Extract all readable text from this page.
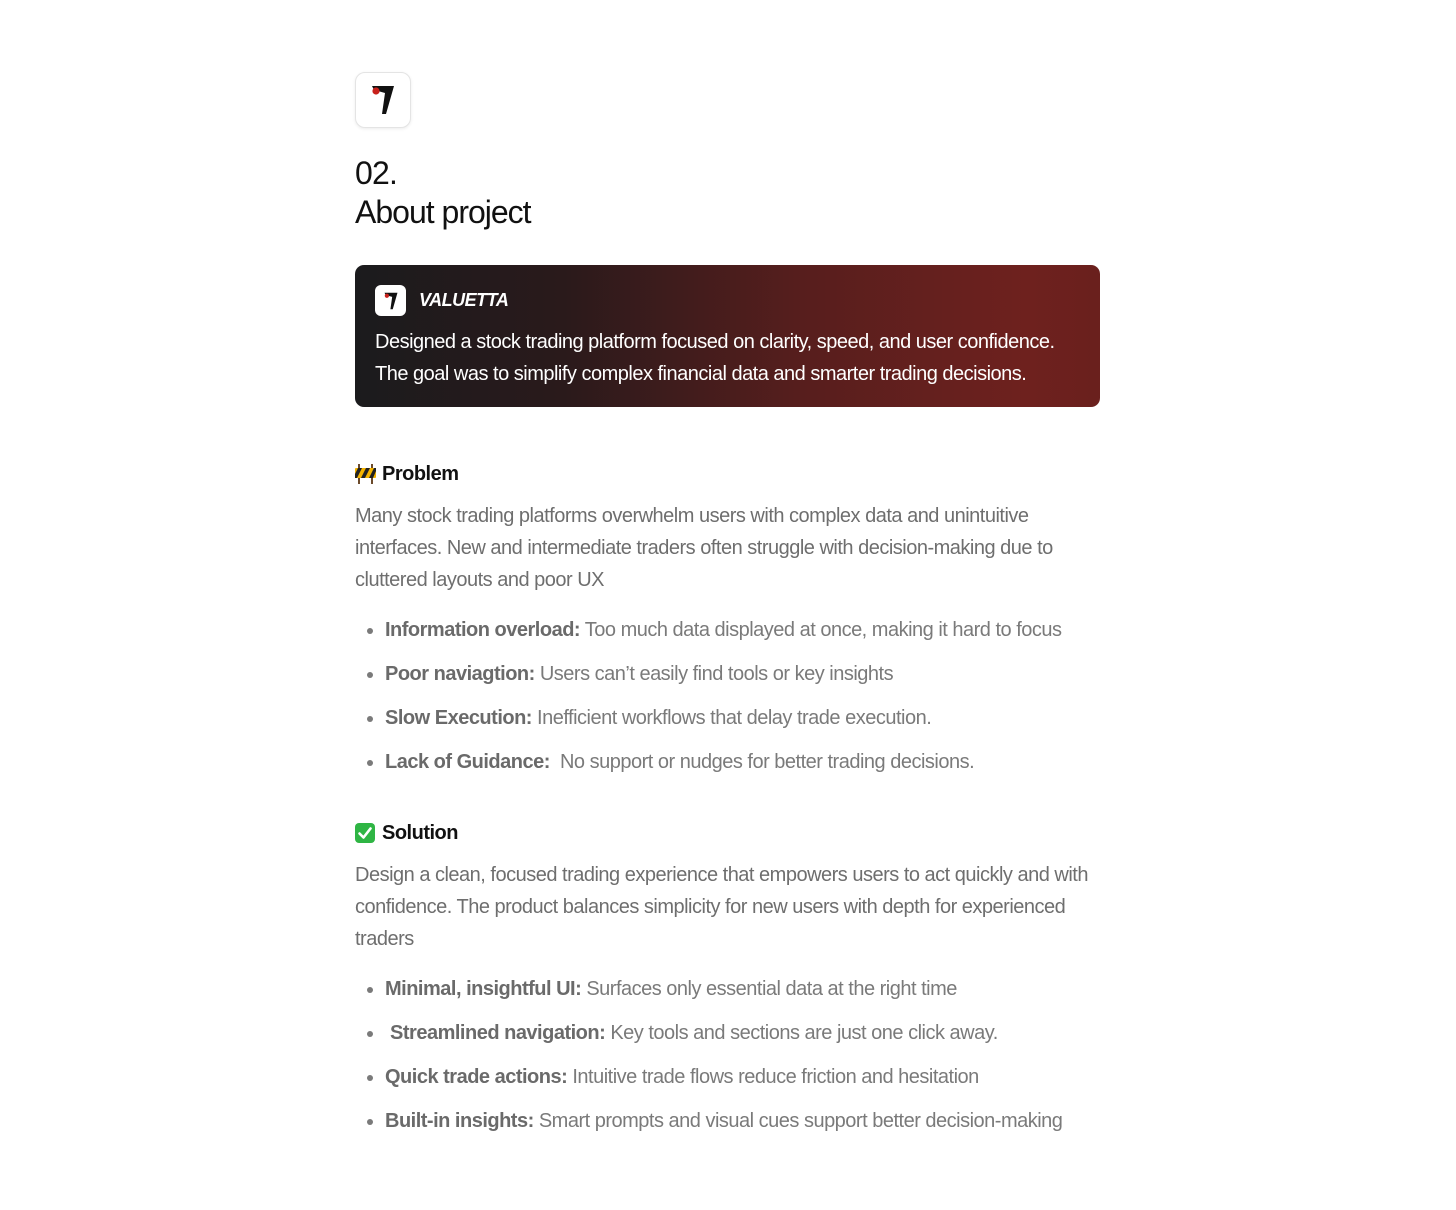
02.
About project
VALUETTA
Designed a stock trading platform focused on clarity, speed, and user confidence.
The goal was to simplify complex financial data and smarter trading decisions.
Problem
Many stock trading platforms overwhelm users with complex data and unintuitive interfaces. New and intermediate traders often struggle with decision-making due to cluttered layouts and poor UX
Information overload: Too much data displayed at once, making it hard to focus
Poor naviagtion: Users can’t easily find tools or key insights
Slow Execution: Inefficient workflows that delay trade execution.
Lack of Guidance:  No support or nudges for better trading decisions.
Solution
Design a clean, focused trading experience that empowers users to act quickly and with confidence. The product balances simplicity for new users with depth for experienced traders
Minimal, insightful UI: Surfaces only essential data at the right time
Streamlined navigation: Key tools and sections are just one click away.
Quick trade actions: Intuitive trade flows reduce friction and hesitation
Built-in insights: Smart prompts and visual cues support better decision-making
